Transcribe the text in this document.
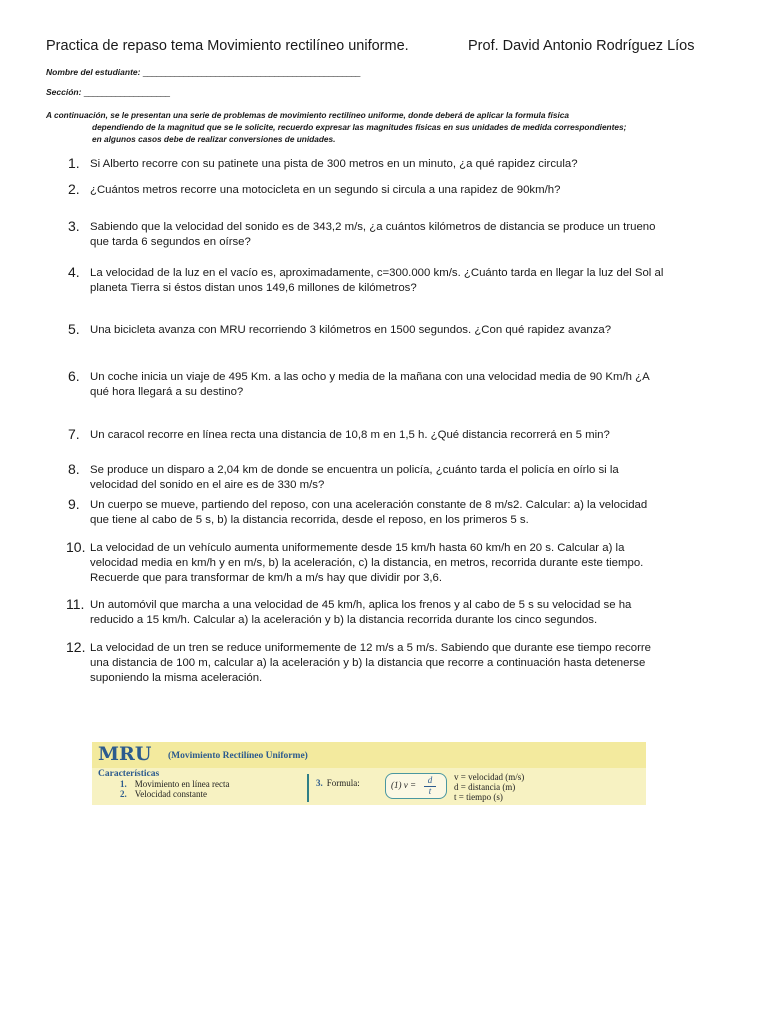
Practica de repaso tema Movimiento rectilíneo uniforme.	Prof. David Antonio Rodríguez Líos
Nombre del estudiante: ________________________________________________
Sección: ___________________
A continuación, se le presentan una serie de problemas de movimiento rectilíneo uniforme, donde deberá de aplicar la formula física
dependiendo de la magnitud que se le solicite, recuerdo expresar las magnitudes físicas en sus unidades de medida correspondientes;
en algunos casos debe de realizar conversiones de unidades.
1. Si Alberto recorre con su patinete una pista de 300 metros en un minuto, ¿a qué rapidez circula?
2. ¿Cuántos metros recorre una motocicleta en un segundo si circula a una rapidez de 90km/h?
3. Sabiendo que la velocidad del sonido es de 343,2 m/s, ¿a cuántos kilómetros de distancia se produce un trueno
que tarda 6 segundos en oírse?
4. La velocidad de la luz en el vacío es, aproximadamente, c=300.000 km/s. ¿Cuánto tarda en llegar la luz del Sol al
planeta Tierra si éstos distan unos 149,6 millones de kilómetros?
5. Una bicicleta avanza con MRU recorriendo 3 kilómetros en 1500 segundos. ¿Con qué rapidez avanza?
6. Un coche inicia un viaje de 495 Km. a las ocho y media de la mañana con una velocidad media de 90 Km/h ¿A
qué hora llegará a su destino?
7. Un caracol recorre en línea recta una distancia de 10,8 m en 1,5 h. ¿Qué distancia recorrerá en 5 min?
8. Se produce un disparo a 2,04 km de donde se encuentra un policía, ¿cuánto tarda el policía en oírlo si la
velocidad del sonido en el aire es de 330 m/s?
9. Un cuerpo se mueve, partiendo del reposo, con una aceleración constante de 8 m/s2. Calcular: a) la velocidad
que tiene al cabo de 5 s, b) la distancia recorrida, desde el reposo, en los primeros 5 s.
10. La velocidad de un vehículo aumenta uniformemente desde 15 km/h hasta 60 km/h en 20 s. Calcular a) la
velocidad media en km/h y en m/s, b) la aceleración, c) la distancia, en metros, recorrida durante este tiempo.
Recuerde que para transformar de km/h a m/s hay que dividir por 3,6.
11. Un automóvil que marcha a una velocidad de 45 km/h, aplica los frenos y al cabo de 5 s su velocidad se ha
reducido a 15 km/h. Calcular a) la aceleración y b) la distancia recorrida durante los cinco segundos.
12. La velocidad de un tren se reduce uniformemente de 12 m/s a 5 m/s. Sabiendo que durante ese tiempo recorre
una distancia de 100 m, calcular a) la aceleración y b) la distancia que recorre a continuación hasta detenerse
suponiendo la misma aceleración.
MRU (Movimiento Rectilíneo Uniforme)
Características
1. Movimiento en línea recta
2. Velocidad constante
3. Formula:	(1) v =	d
t
v = velocidad (m/s)
d = distancia (m)
t = tiempo (s)
